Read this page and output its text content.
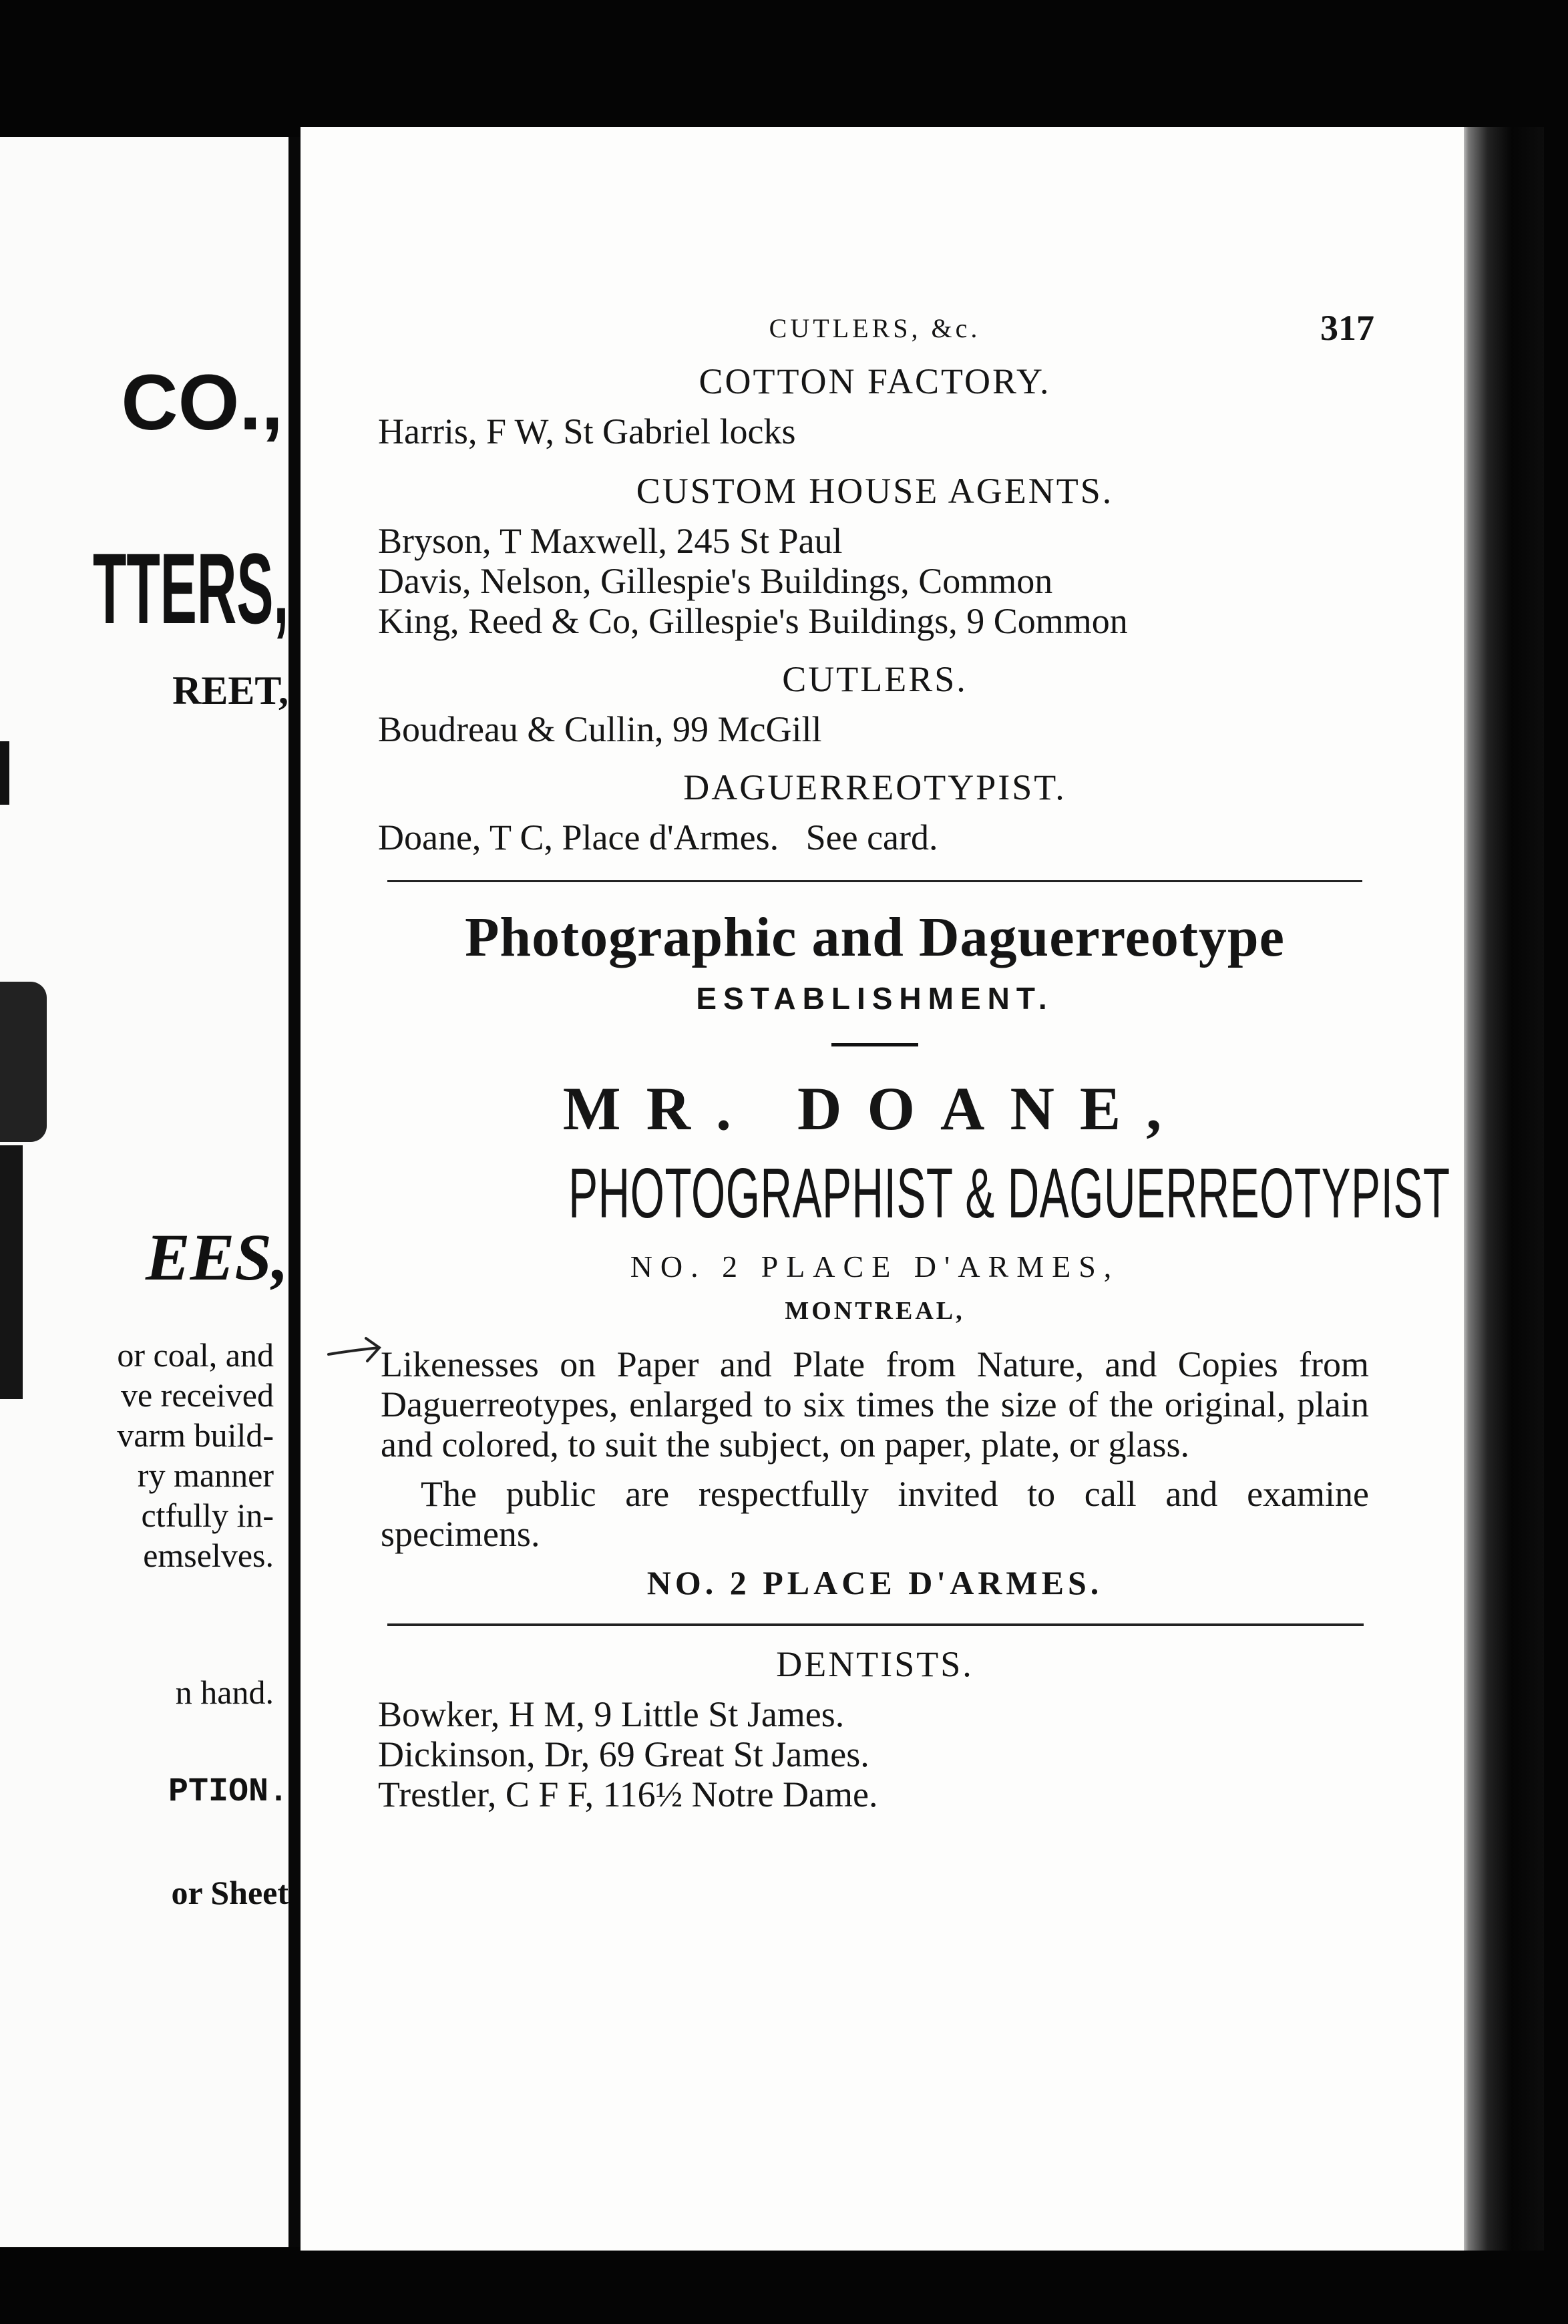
CO.,
TTERS,
REET,
EES,
or coal, and
ve received
varm build-
ry manner
ctfully in-
emselves.
n hand.
PTION.
or Sheet
CUTLERS, &c.	317
COTTON FACTORY.
Harris, F W, St Gabriel locks
CUSTOM HOUSE AGENTS.
Bryson, T Maxwell, 245 St Paul
Davis, Nelson, Gillespie's Buildings, Common
King, Reed & Co, Gillespie's Buildings, 9 Common
CUTLERS.
Boudreau & Cullin, 99 McGill
DAGUERREOTYPIST.
Doane, T C, Place d'Armes.   See card.
Photographic and Daguerreotype
ESTABLISHMENT.
MR. DOANE,
PHOTOGRAPHIST & DAGUERREOTYPIST
NO. 2 PLACE D'ARMES,
MONTREAL,
Likenesses on Paper and Plate from Nature, and Copies from Daguerreotypes, enlarged to six times the size of the original, plain and colored, to suit the subject, on paper, plate, or glass.
The public are respectfully invited to call and examine specimens.
NO. 2 PLACE D'ARMES.
DENTISTS.
Bowker, H M, 9 Little St James.
Dickinson, Dr, 69 Great St James.
Trestler, C F F, 116½ Notre Dame.
